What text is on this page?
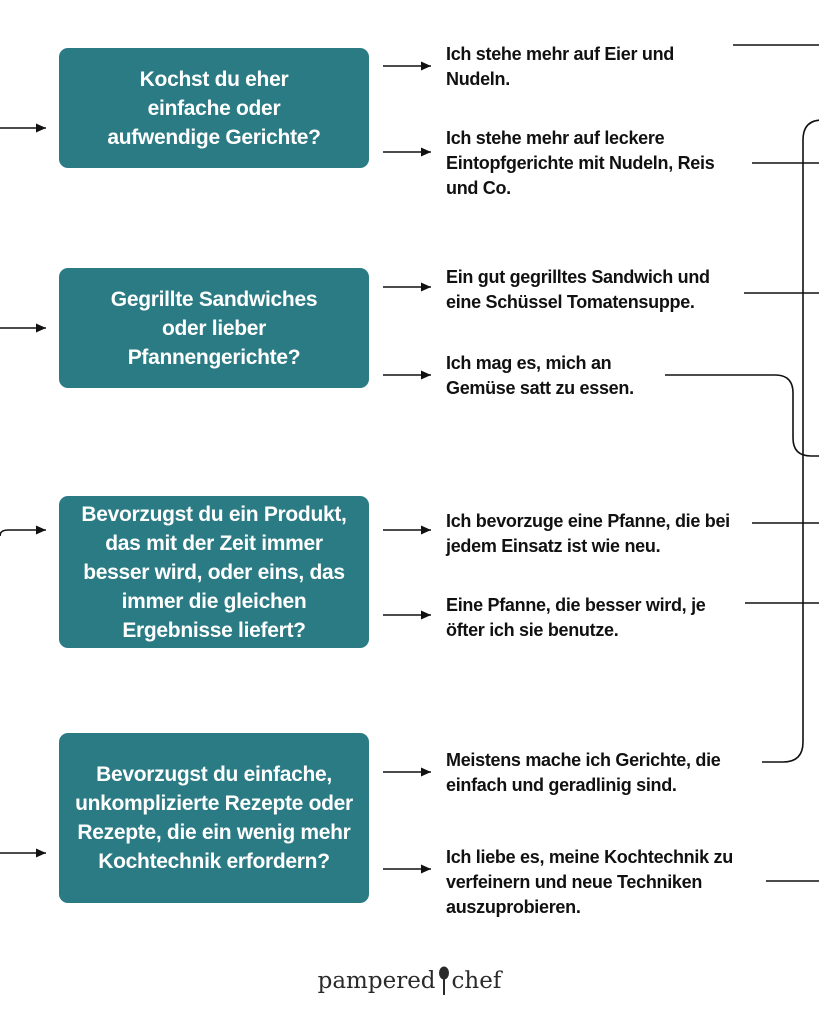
Kochst du eher einfache oder aufwendige Gerichte?
Gegrillte Sandwiches oder lieber Pfannengerichte?
Bevorzugst du ein Produkt, das mit der Zeit immer besser wird, oder eins, das immer die gleichen Ergebnisse liefert?
Bevorzugst du einfache, unkomplizierte Rezepte oder Rezepte, die ein wenig mehr Kochtechnik erfordern?
Ich stehe mehr auf Eier und Nudeln.
Ich stehe mehr auf leckere Eintopfgerichte mit Nudeln, Reis und Co.
Ein gut gegrilltes Sandwich und eine Schüssel Tomatensuppe.
Ich mag es, mich an Gemüse satt zu essen.
Ich bevorzuge eine Pfanne, die bei jedem Einsatz ist wie neu.
Eine Pfanne, die besser wird, je öfter ich sie benutze.
Meistens mache ich Gerichte, die einfach und geradlinig sind.
Ich liebe es, meine Kochtechnik zu verfeinern und neue Techniken auszuprobieren.
pampered chef
